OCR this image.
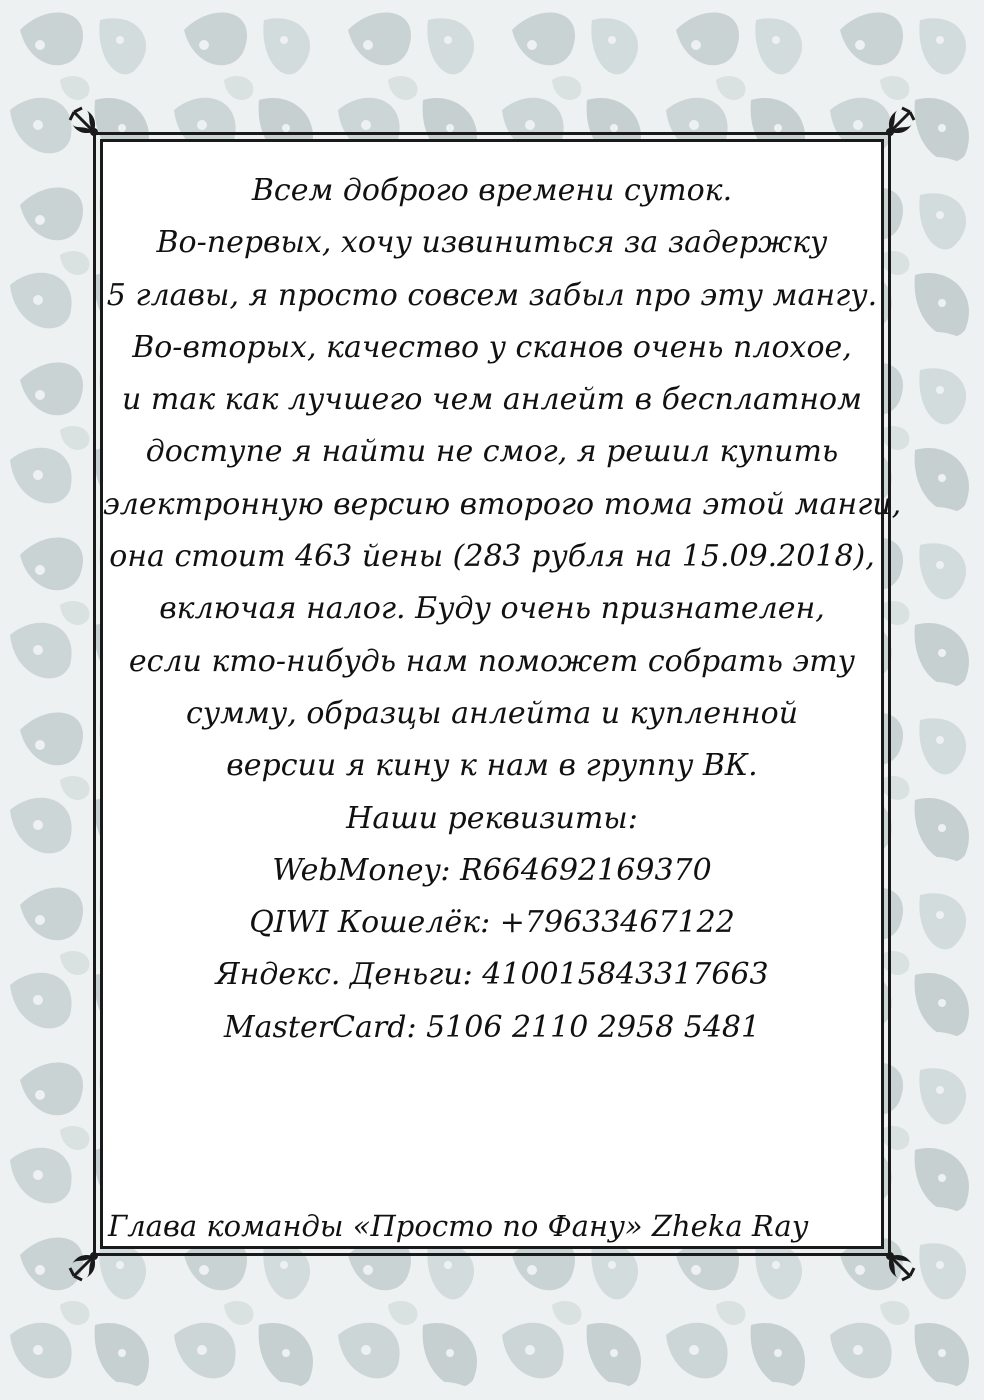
Всем доброго времени суток.
Во-первых, хочу извиниться за задержку
5 главы, я просто совсем забыл про эту мангу.
Во-вторых, качество у сканов очень плохое,
и так как лучшего чем анлейт в бесплатном
доступе я найти не смог, я решил купить
электронную версию второго тома этой манги,
она стоит 463 йены (283 рубля на 15.09.2018),
включая налог. Буду очень признателен,
если кто-нибудь нам поможет собрать эту
сумму, образцы анлейта и купленной
версии я кину к нам в группу ВК.
Наши реквизиты:
WebMoney: R664692169370
QIWI Кошелёк: +79633467122
Яндекс. Деньги: 410015843317663
MasterCard: 5106 2110 2958 5481
Глава команды «Просто по Фану» Zheka Ray
